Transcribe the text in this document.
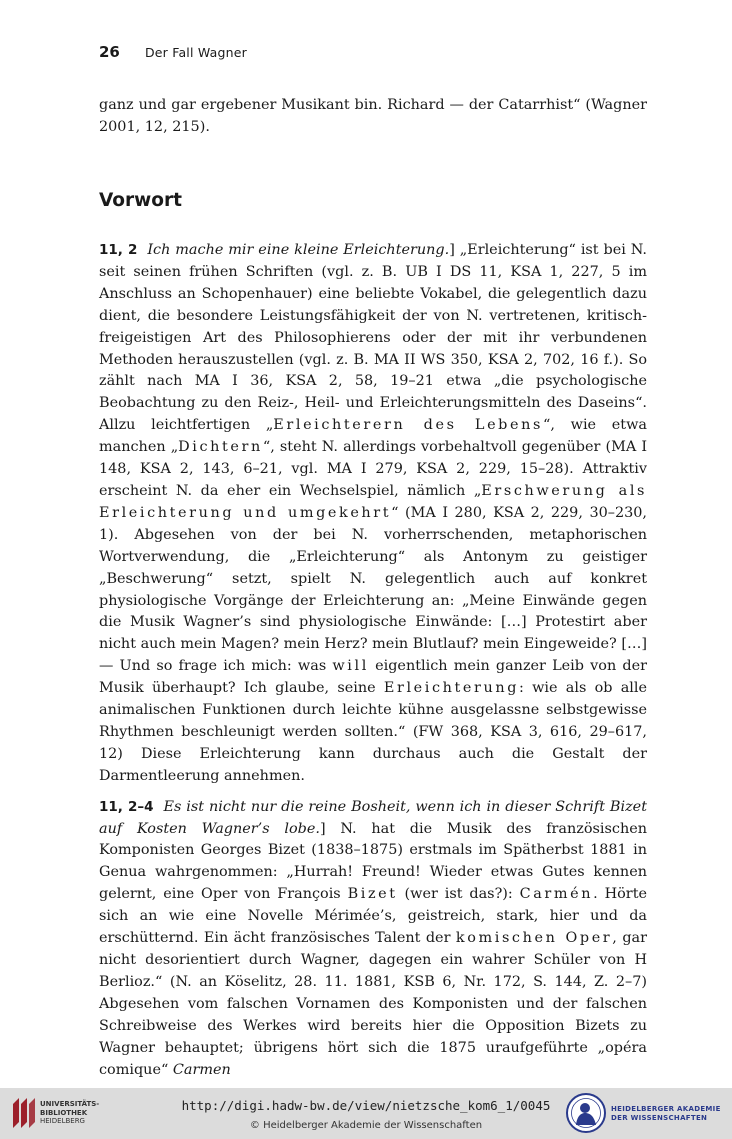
26 Der Fall Wagner

ganz und gar ergebener Musikant bin. Richard — der Catarrhist“ (Wagner 2001, 12, 215).

Vorwort

11, 2 Ich mache mir eine kleine Erleichterung.] „Erleichterung“ ist bei N. seit seinen frühen Schriften (vgl. z. B. UB I DS 11, KSA 1, 227, 5 im Anschluss an Schopenhauer) eine beliebte Vokabel, die gelegentlich dazu dient, die besondere Leistungsfähigkeit der von N. vertretenen, kritisch-freigeistigen Art des Philosophierens oder der mit ihr verbundenen Methoden herauszustellen (vgl. z. B. MA II WS 350, KSA 2, 702, 16 f.). So zählt nach MA I 36, KSA 2, 58, 19–21 etwa „die psychologische Beobachtung zu den Reiz-, Heil- und Erleichterungsmitteln des Daseins“. Allzu leichtfertigen „Erleichterern des Lebens“, wie etwa manchen „Dichtern“, steht N. allerdings vorbehaltvoll gegenüber (MA I 148, KSA 2, 143, 6–21, vgl. MA I 279, KSA 2, 229, 15–28). Attraktiv erscheint N. da eher ein Wechselspiel, nämlich „Erschwerung als Erleichterung und umgekehrt“ (MA I 280, KSA 2, 229, 30–230, 1). Abgesehen von der bei N. vorherrschenden, metaphorischen Wortverwendung, die „Erleichterung“ als Antonym zu geistiger „Beschwerung“ setzt, spielt N. gelegentlich auch auf konkret physiologische Vorgänge der Erleichterung an: „Meine Einwände gegen die Musik Wagner’s sind physiologische Einwände: […] Protestirt aber nicht auch mein Magen? mein Herz? mein Blutlauf? mein Eingeweide? […] — Und so frage ich mich: was will eigentlich mein ganzer Leib von der Musik überhaupt? Ich glaube, seine Erleichterung: wie als ob alle animalischen Funktionen durch leichte kühne ausgelassne selbstgewisse Rhythmen beschleunigt werden sollten.“ (FW 368, KSA 3, 616, 29–617, 12) Diese Erleichterung kann durchaus auch die Gestalt der Darmentleerung annehmen.

11, 2–4 Es ist nicht nur die reine Bosheit, wenn ich in dieser Schrift Bizet auf Kosten Wagner’s lobe.] N. hat die Musik des französischen Komponisten Georges Bizet (1838–1875) erstmals im Spätherbst 1881 in Genua wahrgenommen: „Hurrah! Freund! Wieder etwas Gutes kennen gelernt, eine Oper von François Bizet (wer ist das?): Carmén. Hörte sich an wie eine Novelle Mérimée’s, geistreich, stark, hier und da erschütternd. Ein ächt französisches Talent der komischen Oper, gar nicht desorientiert durch Wagner, dagegen ein wahrer Schüler von H Berlioz.“ (N. an Köselitz, 28. 11. 1881, KSB 6, Nr. 172, S. 144, Z. 2–7) Abgesehen vom falschen Vornamen des Komponisten und der falschen Schreibweise des Werkes wird bereits hier die Opposition Bizets zu Wagner behauptet; übrigens hört sich die 1875 uraufgeführte „opéra comique“ Carmen

UNIVERSITÄTS-
BIBLIOTHEK
HEIDELBERG
http://digi.hadw-bw.de/view/nietzsche_kom6_1/0045
© Heidelberger Akademie der Wissenschaften
HEIDELBERGER AKADEMIE
DER WISSENSCHAFTEN
